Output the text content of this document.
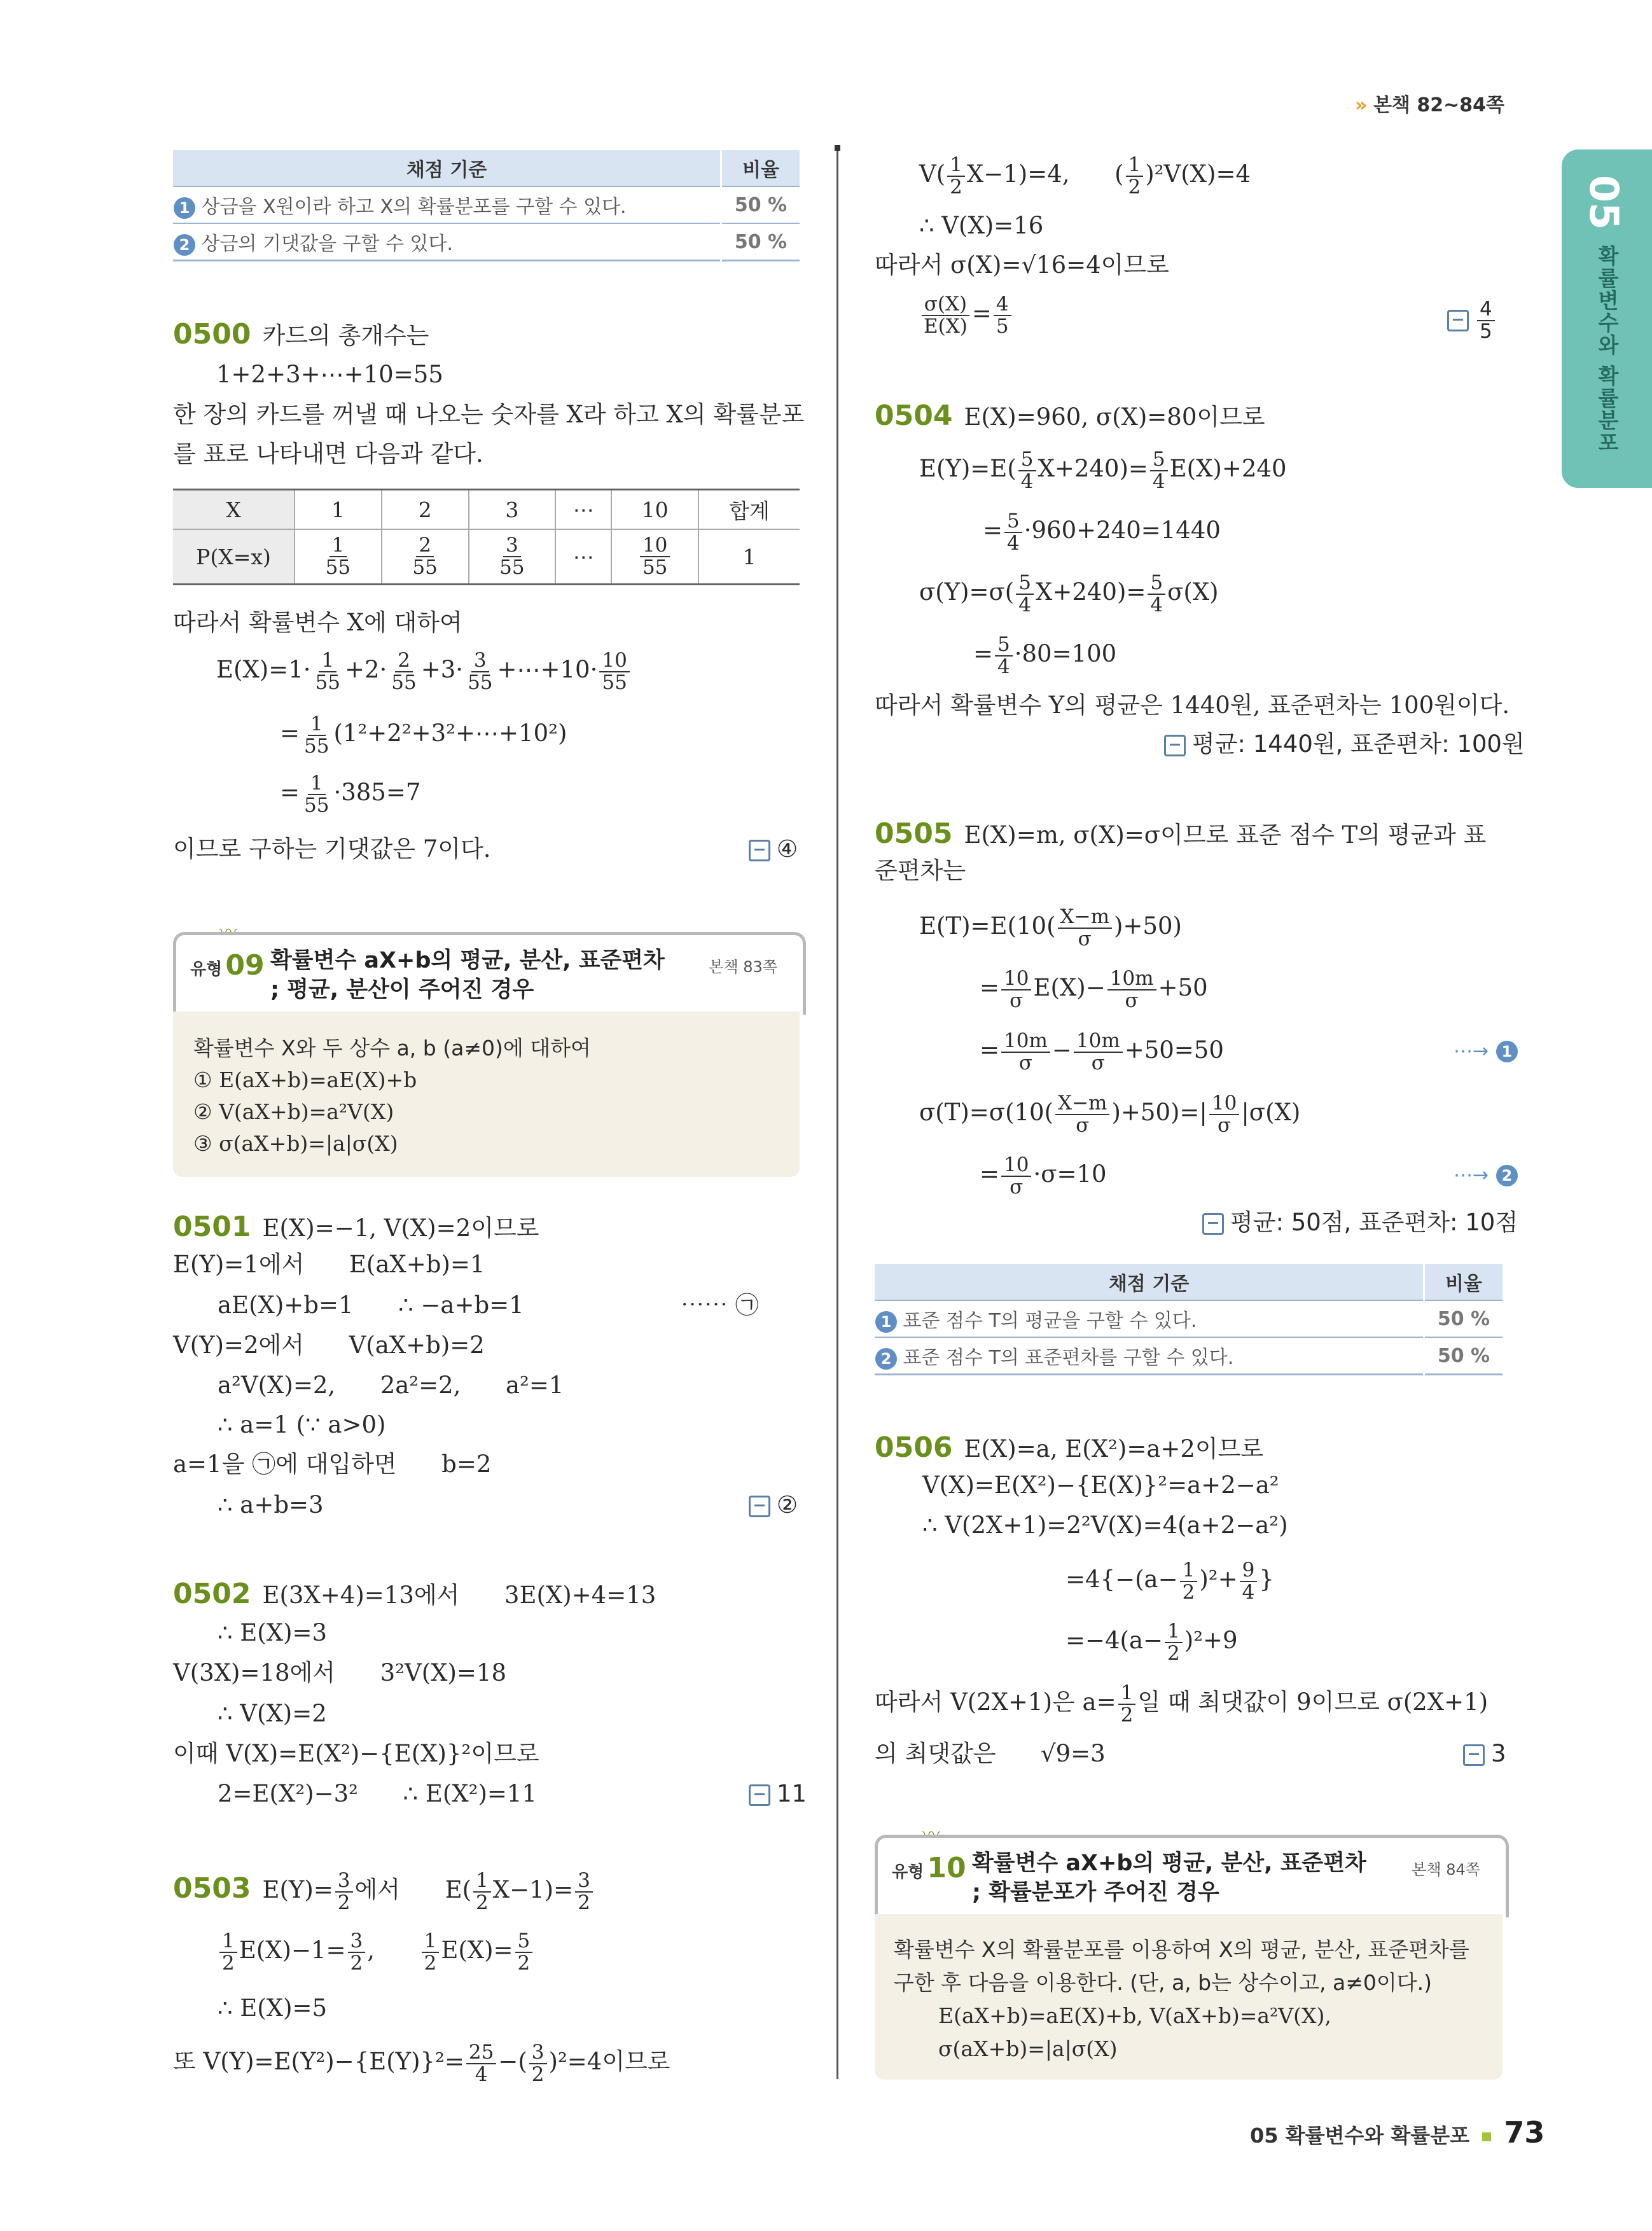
» 본책 82~84쪽
05
확률변수와 확률분포
채점 기준	비율
1 상금을 X원이라 하고 X의 확률분포를 구할 수 있다.	50 %
2 상금의 기댓값을 구할 수 있다.	50 %
0500 카드의 총개수는
1+2+3+⋯+10=55
한 장의 카드를 꺼낼 때 나오는 숫자를 X라 하고 X의 확률분포
를 표로 나타내면 다음과 같다.
X	1	2	3	⋯	10	합계
P(X=x)	$\frac{1}{55}$	$\frac{2}{55}$	$\frac{3}{55}$	⋯	$\frac{10}{55}$	1
따라서 확률변수 X에 대하여
$E(X)=1\cdot \frac{1}{55} +2\cdot \frac{2}{55} +3\cdot \frac{3}{55}$ +⋯+10· $\frac{10}{55}$
= $\frac{1}{55}$ (1²+2²+3²+⋯+10²)
= $\frac{1}{55} \cdot 385=7$
이므로 구하는 기댓값은 7이다.	④
유형 09 확률변수 aX+b의 평균, 분산, 표준편차
; 평균, 분산이 주어진 경우
본책 83쪽
확률변수 X와 두 상수 a, b (a≠0)에 대하여
① E(aX+b)=aE(X)+b
② V(aX+b)=a²V(X)
③ σ(aX+b)=|a|σ(X)
0501 E(X)=−1, V(X)=2이므로
E(Y)=1에서      E(aX+b)=1
aE(X)+b=1      ∴ −a+b=1	⋯⋯ ㉠
V(Y)=2에서      V(aX+b)=2
a²V(X)=2,      2a²=2,      a²=1
∴ a=1 (∵ a>0)
a=1을 ㉠에 대입하면      b=2
∴ a+b=3	②
0502 E(3X+4)=13에서      3E(X)+4=13
∴ E(X)=3
V(3X)=18에서      3²V(X)=18
∴ V(X)=2
이때 V(X)=E(X²)−{E(X)}²이므로
2=E(X²)−3²      ∴ E(X²)=11	11
0503 $E(Y)= \frac{3}{2}$ 에서      $E( \frac{1}{2} X-1)= \frac{3}{2}$
$\frac{1}{2} E(X)-1= \frac{3}{2}$ , $\frac{1}{2} E(X)= \frac{5}{2}$
∴ E(X)=5
또 $V(Y)=E(Y^2)-\{E(Y)\}^2= \frac{25}{4}$ −( $\frac{3}{2} )^2=4$이므로
$V( \frac{1}{2} X-1)=4$,      ( $\frac{1}{2} )^2V(X)=4$
∴ V(X)=16
따라서 σ(X)=√16=4이므로
$\frac{\sigma(X)}{E(X)} = \frac{4}{5}$	$\frac{4}{5}$
0504 E(X)=960, σ(X)=80이므로
$E(Y)=E( \frac{5}{4} X+240)= \frac{5}{4} E(X)+240$
= $\frac{5}{4} \cdot 960+240=1440$
$\sigma(Y)=\sigma( \frac{5}{4} X+240)= \frac{5}{4} \sigma(X)$
= $\frac{5}{4} \cdot 80=100$
따라서 확률변수 Y의 평균은 1440원, 표준편차는 100원이다.
평균: 1440원, 표준편차: 100원
0505 E(X)=m, σ(X)=σ이므로 표준 점수 T의 평균과 표
준편차는
$E(T)=E(10( \frac{X-m}{\sigma} )+50)$
= $\frac{10}{\sigma} E(X)- \frac{10m}{\sigma} +50$
= $\frac{10m}{\sigma} - \frac{10m}{\sigma} +50=50$	⋯→ 1
$\sigma(T)=\sigma(10( \frac{X-m}{\sigma} )+50)=| \frac{10}{\sigma} |\sigma(X)$
= $\frac{10}{\sigma} \cdot\sigma=10$	⋯→ 2
평균: 50점, 표준편차: 10점
채점 기준	비율
1 표준 점수 T의 평균을 구할 수 있다.	50 %
2 표준 점수 T의 표준편차를 구할 수 있다.	50 %
0506 E(X)=a, E(X²)=a+2이므로
V(X)=E(X²)−{E(X)}²=a+2−a²
∴ V(2X+1)=2²V(X)=4(a+2−a²)
$=4\{-(a- \frac{1}{2} )^2+ \frac{9}{4}$ }
$=-4(a- \frac{1}{2} )^2+9$
따라서 V(2X+1)은 $a= \frac{1}{2}$ 일 때 최댓값이 9이므로 σ(2X+1)
의 최댓값은      √9=3	3
유형 10 확률변수 aX+b의 평균, 분산, 표준편차
; 확률분포가 주어진 경우
본책 84쪽
확률변수 X의 확률분포를 이용하여 X의 평균, 분산, 표준편차를
구한 후 다음을 이용한다. (단, a, b는 상수이고, a≠0이다.)
E(aX+b)=aE(X)+b, V(aX+b)=a²V(X),
σ(aX+b)=|a|σ(X)
05 확률변수와 확률분포 73
